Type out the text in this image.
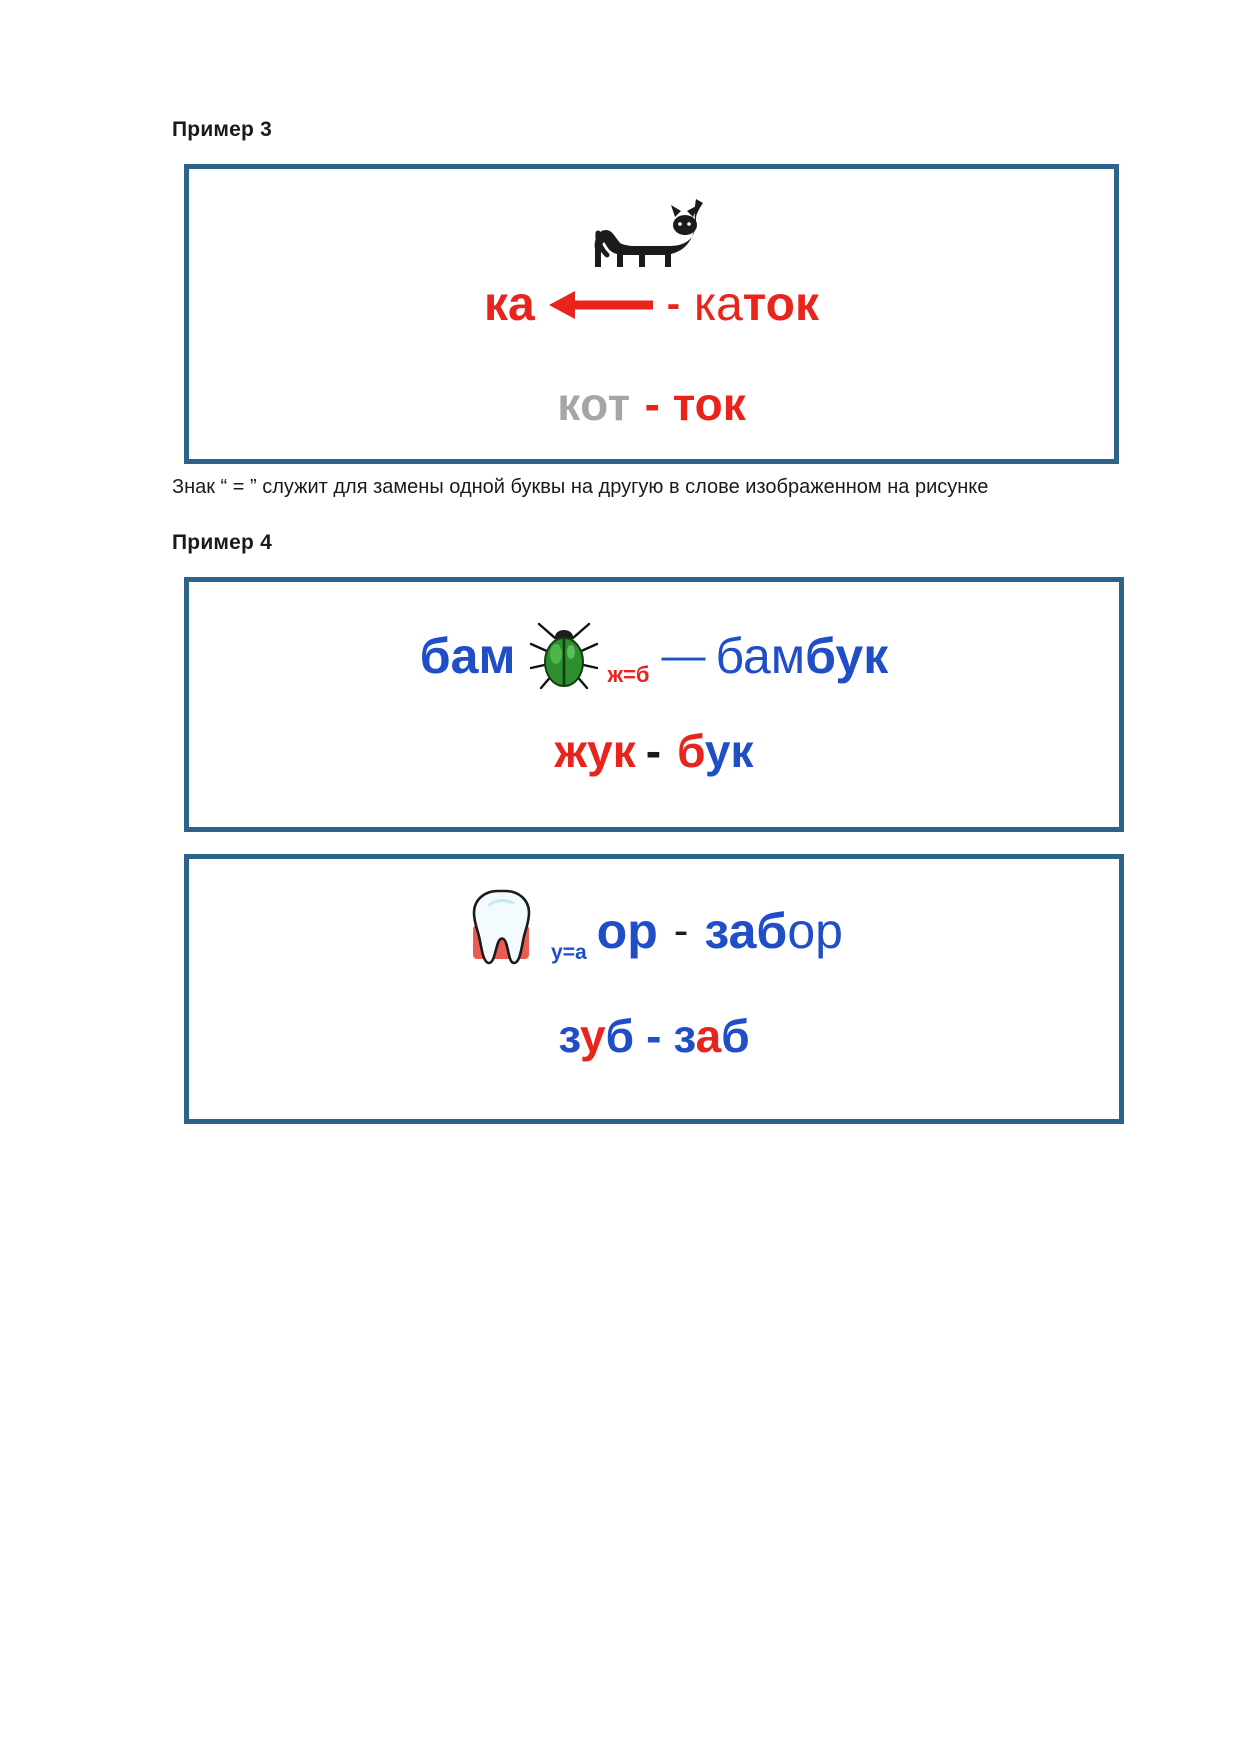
Пример 3
ка	- каток
кот - ток

Знак “ = ” служит для замены одной буквы на другую в слове изображенном на рисунке

Пример 4
бам	ж=б — бамбук
жук - бук
у=а ор - забор
зуб - заб
